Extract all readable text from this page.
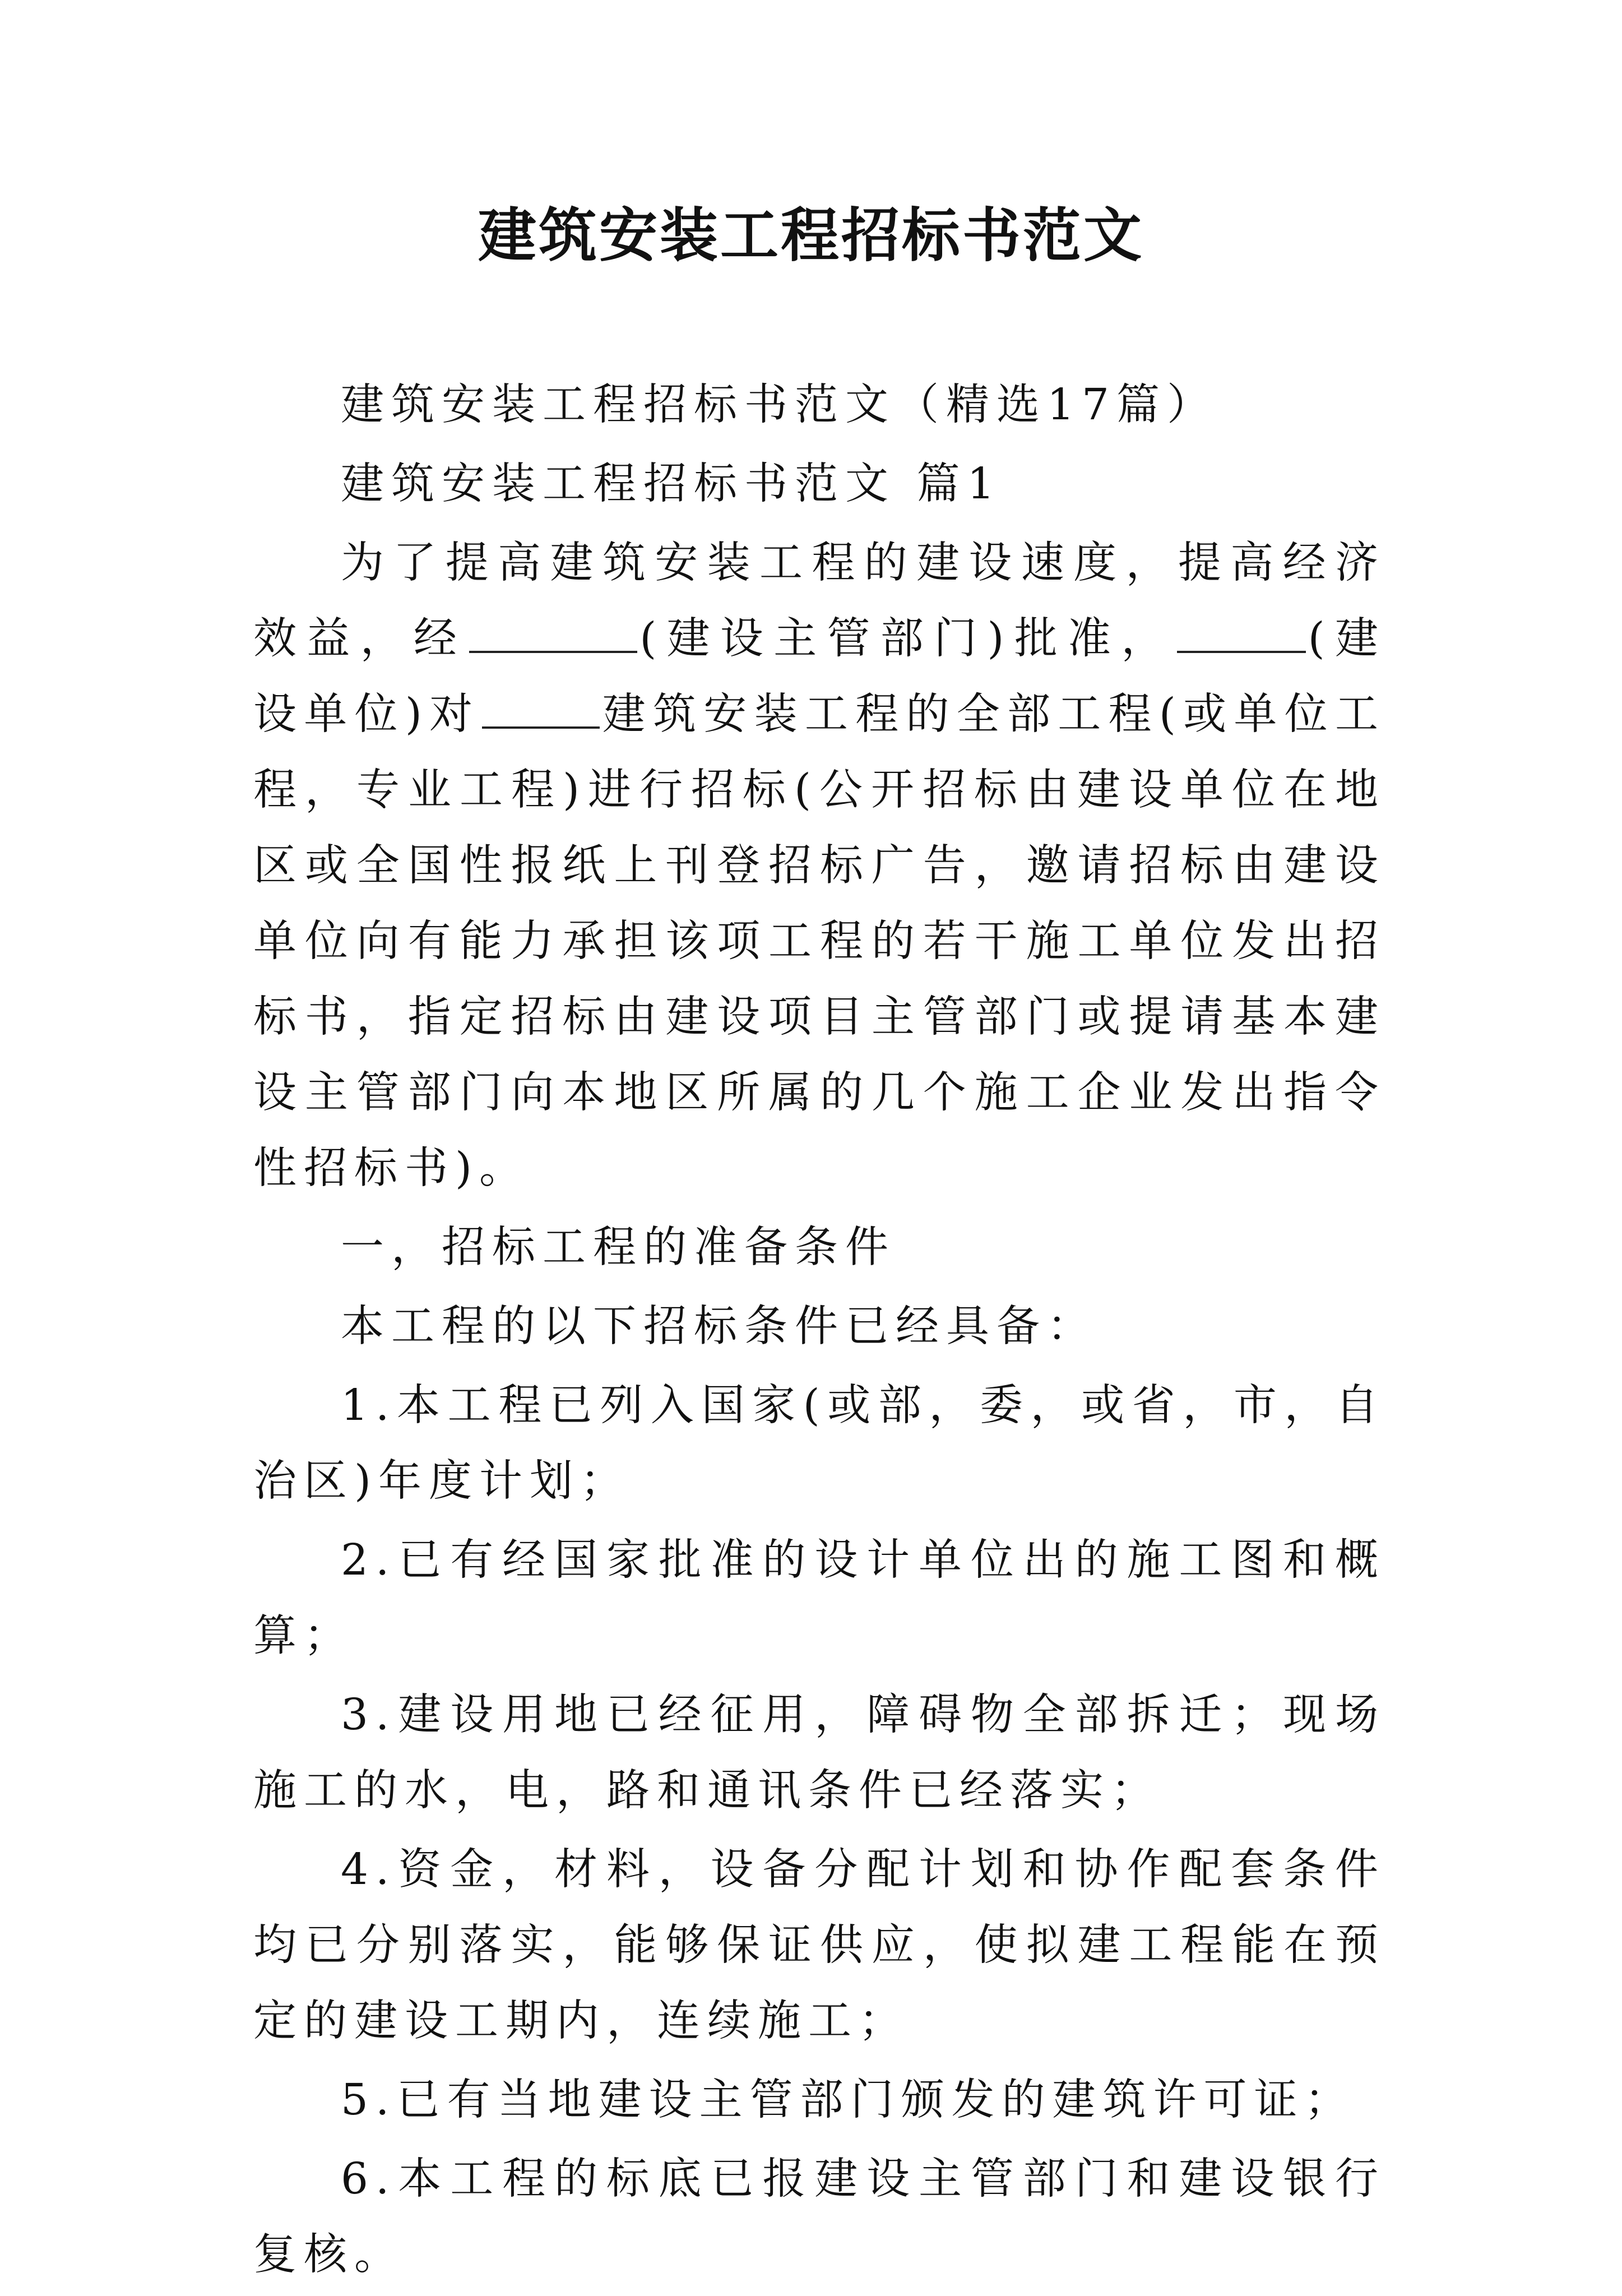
建筑安装工程招标书范文

建筑安装工程招标书范文（精选17篇）

建筑安装工程招标书范文 篇1

为了提高建筑安装工程的建设速度，提高经济效益，经	(建设主管部门)批准，	(建设单位)对	建筑安装工程的全部工程(或单位工程，专业工程)进行招标(公开招标由建设单位在地区或全国性报纸上刊登招标广告，邀请招标由建设单位向有能力承担该项工程的若干施工单位发出招标书，指定招标由建设项目主管部门或提请基本建设主管部门向本地区所属的几个施工企业发出指令性招标书)。

一，招标工程的准备条件

本工程的以下招标条件已经具备：

1.本工程已列入国家(或部，委，或省，市，自治区)年度计划；

2.已有经国家批准的设计单位出的施工图和概算；

3.建设用地已经征用，障碍物全部拆迁；现场施工的水，电，路和通讯条件已经落实；

4.资金，材料，设备分配计划和协作配套条件均已分别落实，能够保证供应，使拟建工程能在预定的建设工期内，连续施工；

5.已有当地建设主管部门颁发的建筑许可证；

6.本工程的标底已报建设主管部门和建设银行复核。
